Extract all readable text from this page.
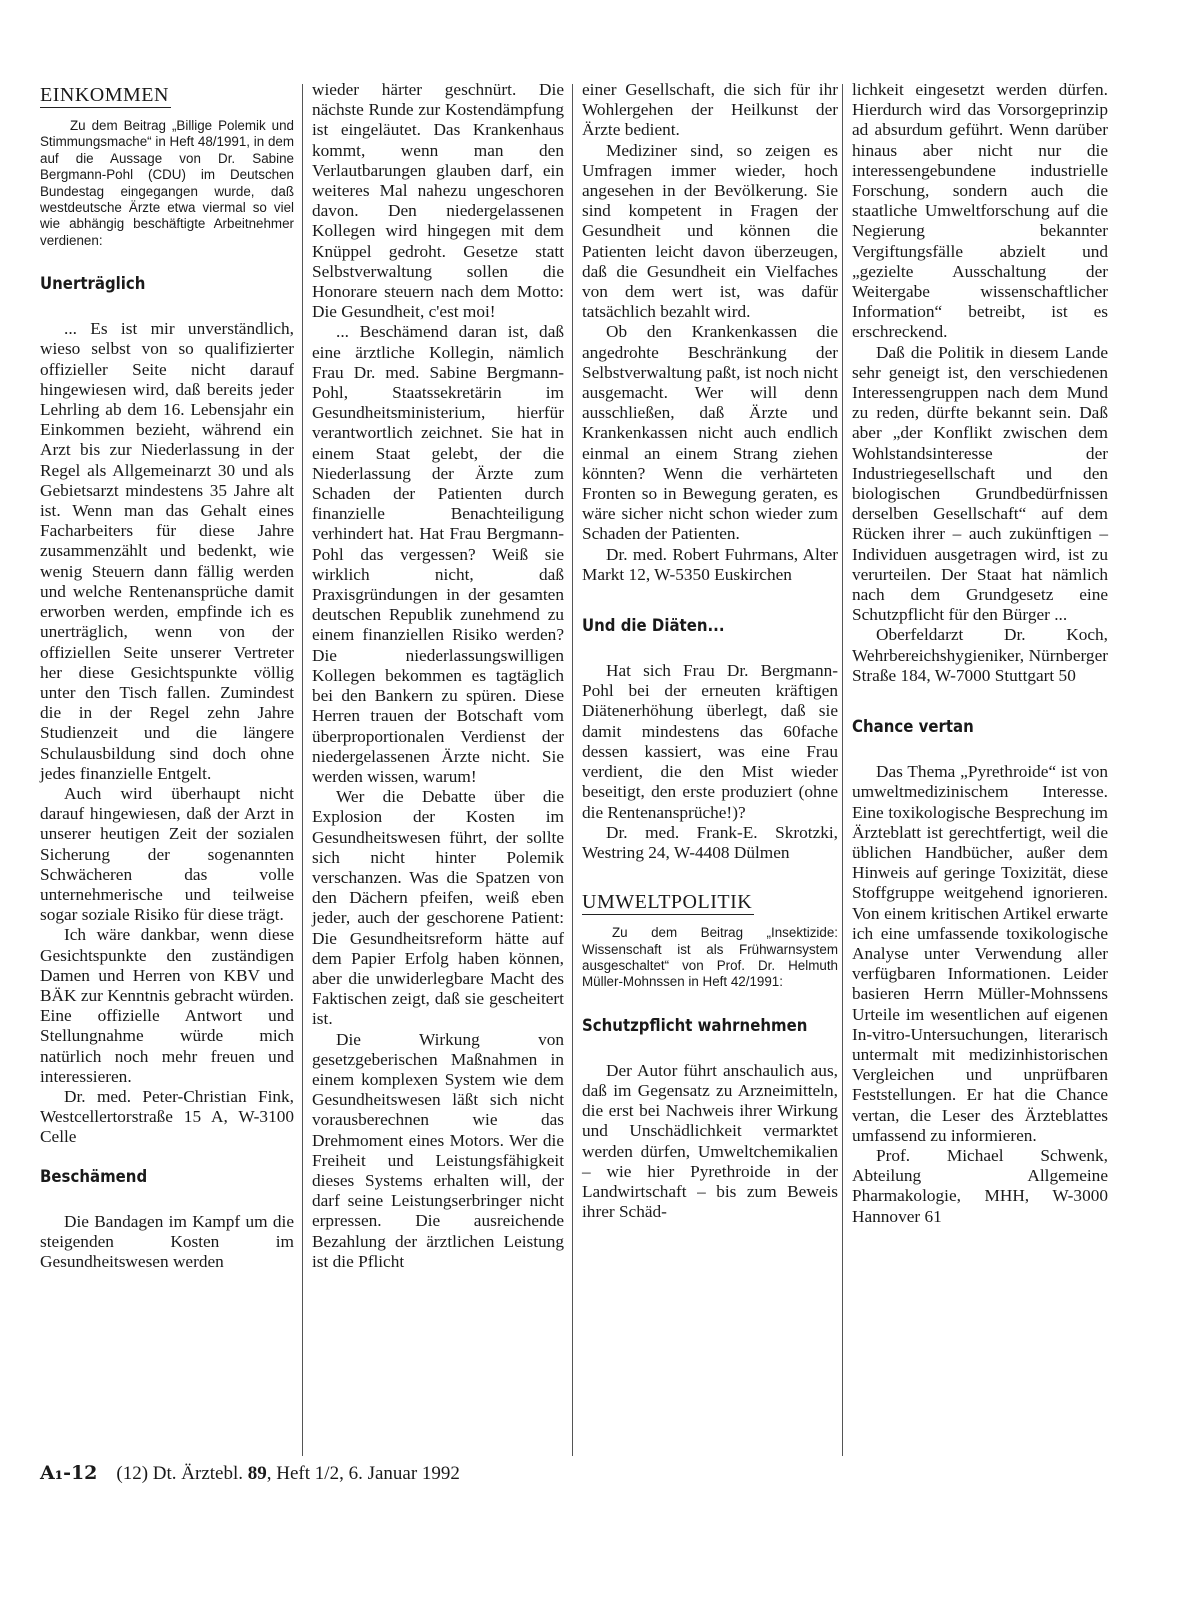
EINKOMMEN
Zu dem Beitrag „Billige Polemik und Stimmungsmache“ in Heft 48/1991, in dem auf die Aussage von Dr. Sabine Bergmann-Pohl (CDU) im Deutschen Bundestag eingegangen wurde, daß westdeutsche Ärzte etwa viermal so viel wie abhängig beschäftigte Arbeitnehmer verdienen:
Unerträglich

... Es ist mir unverständlich, wieso selbst von so qualifizierter offizieller Seite nicht darauf hingewiesen wird, daß bereits jeder Lehrling ab dem 16. Lebensjahr ein Einkommen bezieht, während ein Arzt bis zur Niederlassung in der Regel als Allgemeinarzt 30 und als Gebietsarzt mindestens 35 Jahre alt ist. Wenn man das Gehalt eines Facharbeiters für diese Jahre zusammenzählt und bedenkt, wie wenig Steuern dann fällig werden und welche Rentenansprüche damit erworben werden, empfinde ich es unerträglich, wenn von der offiziellen Seite unserer Vertreter her diese Gesichtspunkte völlig unter den Tisch fallen. Zumindest die in der Regel zehn Jahre Studienzeit und die längere Schulausbildung sind doch ohne jedes finanzielle Entgelt.

Auch wird überhaupt nicht darauf hingewiesen, daß der Arzt in unserer heutigen Zeit der sozialen Sicherung der sogenannten Schwächeren das volle unternehmerische und teilweise sogar soziale Risiko für diese trägt.

Ich wäre dankbar, wenn diese Gesichtspunkte den zuständigen Damen und Herren von KBV und BÄK zur Kenntnis gebracht würden. Eine offizielle Antwort und Stellungnahme würde mich natürlich noch mehr freuen und interessieren.

Dr. med. Peter-Christian Fink, Westcellertorstraße 15 A, W-3100 Celle

Beschämend

Die Bandagen im Kampf um die steigenden Kosten im Gesundheitswesen werden

wieder härter geschnürt. Die nächste Runde zur Kostendämpfung ist eingeläutet. Das Krankenhaus kommt, wenn man den Verlautbarungen glauben darf, ein weiteres Mal nahezu ungeschoren davon. Den niedergelassenen Kollegen wird hingegen mit dem Knüppel gedroht. Gesetze statt Selbstverwaltung sollen die Honorare steuern nach dem Motto: Die Gesundheit, c'est moi!

... Beschämend daran ist, daß eine ärztliche Kollegin, nämlich Frau Dr. med. Sabine Bergmann-Pohl, Staatssekretärin im Gesundheitsministerium, hierfür verantwortlich zeichnet. Sie hat in einem Staat gelebt, der die Niederlassung der Ärzte zum Schaden der Patienten durch finanzielle Benachteiligung verhindert hat. Hat Frau Bergmann-Pohl das vergessen? Weiß sie wirklich nicht, daß Praxisgründungen in der gesamten deutschen Republik zunehmend zu einem finanziellen Risiko werden? Die niederlassungswilligen Kollegen bekommen es tagtäglich bei den Bankern zu spüren. Diese Herren trauen der Botschaft vom überproportionalen Verdienst der niedergelassenen Ärzte nicht. Sie werden wissen, warum!

Wer die Debatte über die Explosion der Kosten im Gesundheitswesen führt, der sollte sich nicht hinter Polemik verschanzen. Was die Spatzen von den Dächern pfeifen, weiß eben jeder, auch der geschorene Patient: Die Gesundheitsreform hätte auf dem Papier Erfolg haben können, aber die unwiderlegbare Macht des Faktischen zeigt, daß sie gescheitert ist.

Die Wirkung von gesetzgeberischen Maßnahmen in einem komplexen System wie dem Gesundheitswesen läßt sich nicht vorausberechnen wie das Drehmoment eines Motors. Wer die Freiheit und Leistungsfähigkeit dieses Systems erhalten will, der darf seine Leistungserbringer nicht erpressen. Die ausreichende Bezahlung der ärztlichen Leistung ist die Pflicht

einer Gesellschaft, die sich für ihr Wohlergehen der Heilkunst der Ärzte bedient.

Mediziner sind, so zeigen es Umfragen immer wieder, hoch angesehen in der Bevölkerung. Sie sind kompetent in Fragen der Gesundheit und können die Patienten leicht davon überzeugen, daß die Gesundheit ein Vielfaches von dem wert ist, was dafür tatsächlich bezahlt wird.

Ob den Krankenkassen die angedrohte Beschränkung der Selbstverwaltung paßt, ist noch nicht ausgemacht. Wer will denn ausschließen, daß Ärzte und Krankenkassen nicht auch endlich einmal an einem Strang ziehen könnten? Wenn die verhärteten Fronten so in Bewegung geraten, es wäre sicher nicht schon wieder zum Schaden der Patienten.

Dr. med. Robert Fuhrmans, Alter Markt 12, W-5350 Euskirchen

Und die Diäten...

Hat sich Frau Dr. Bergmann-Pohl bei der erneuten kräftigen Diätenerhöhung überlegt, daß sie damit mindestens das 60fache dessen kassiert, was eine Frau verdient, die den Mist wieder beseitigt, den erste produziert (ohne die Rentenansprüche!)?

Dr. med. Frank-E. Skrotzki, Westring 24, W-4408 Dülmen

UMWELTPOLITIK
Zu dem Beitrag „Insektizide: Wissenschaft ist als Frühwarnsystem ausgeschaltet“ von Prof. Dr. Helmuth Müller-Mohnssen in Heft 42/1991:
Schutzpflicht wahrnehmen

Der Autor führt anschaulich aus, daß im Gegensatz zu Arzneimitteln, die erst bei Nachweis ihrer Wirkung und Unschädlichkeit vermarktet werden dürfen, Umweltchemikalien – wie hier Pyrethroide in der Landwirtschaft – bis zum Beweis ihrer Schäd-

lichkeit eingesetzt werden dürfen. Hierdurch wird das Vorsorgeprinzip ad absurdum geführt. Wenn darüber hinaus aber nicht nur die interessengebundene industrielle Forschung, sondern auch die staatliche Umweltforschung auf die Negierung bekannter Vergiftungsfälle abzielt und „gezielte Ausschaltung der Weitergabe wissenschaftlicher Information“ betreibt, ist es erschreckend.

Daß die Politik in diesem Lande sehr geneigt ist, den verschiedenen Interessengruppen nach dem Mund zu reden, dürfte bekannt sein. Daß aber „der Konflikt zwischen dem Wohlstandsinteresse der Industriegesellschaft und den biologischen Grundbedürfnissen derselben Gesellschaft“ auf dem Rücken ihrer – auch zukünftigen – Individuen ausgetragen wird, ist zu verurteilen. Der Staat hat nämlich nach dem Grundgesetz eine Schutzpflicht für den Bürger ...

Oberfeldarzt Dr. Koch, Wehrbereichshygieniker, Nürnberger Straße 184, W-7000 Stuttgart 50

Chance vertan

Das Thema „Pyrethroide“ ist von umweltmedizinischem Interesse. Eine toxikologische Besprechung im Ärzteblatt ist gerechtfertigt, weil die üblichen Handbücher, außer dem Hinweis auf geringe Toxizität, diese Stoffgruppe weitgehend ignorieren. Von einem kritischen Artikel erwarte ich eine umfassende toxikologische Analyse unter Verwendung aller verfügbaren Informationen. Leider basieren Herrn Müller-Mohnssens Urteile im wesentlichen auf eigenen In-vitro-Untersuchungen, literarisch untermalt mit medizinhistorischen Vergleichen und unprüfbaren Feststellungen. Er hat die Chance vertan, die Leser des Ärzteblattes umfassend zu informieren.

Prof. Michael Schwenk, Abteilung Allgemeine Pharmakologie, MHH, W-3000 Hannover 61

A₁-12 (12) Dt. Ärztebl. 89, Heft 1/2, 6. Januar 1992
